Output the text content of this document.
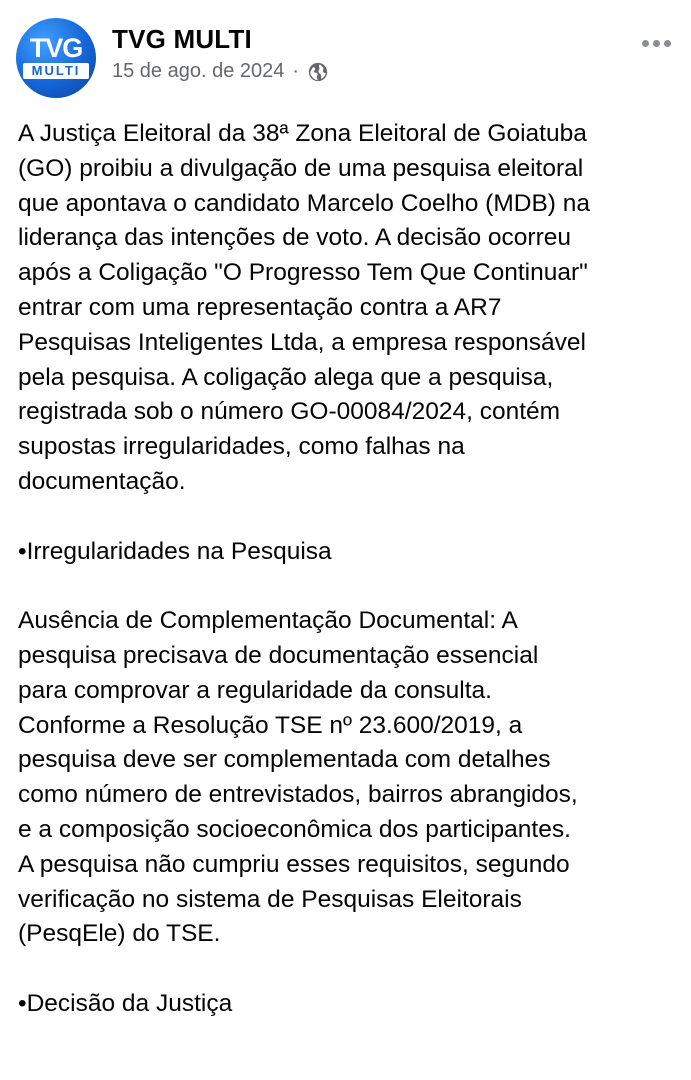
TVG
MULTI
TVG MULTI
15 de ago. de 2024 ·

A Justiça Eleitoral da 38ª Zona Eleitoral de Goiatuba
(GO) proibiu a divulgação de uma pesquisa eleitoral
que apontava o candidato Marcelo Coelho (MDB) na
liderança das intenções de voto. A decisão ocorreu
após a Coligação "O Progresso Tem Que Continuar"
entrar com uma representação contra a AR7
Pesquisas Inteligentes Ltda, a empresa responsável
pela pesquisa. A coligação alega que a pesquisa,
registrada sob o número GO-00084/2024, contém
supostas irregularidades, como falhas na
documentação.

•Irregularidades na Pesquisa

Ausência de Complementação Documental: A
pesquisa precisava de documentação essencial
para comprovar a regularidade da consulta.
Conforme a Resolução TSE nº 23.600/2019, a
pesquisa deve ser complementada com detalhes
como número de entrevistados, bairros abrangidos,
e a composição socioeconômica dos participantes.
A pesquisa não cumpriu esses requisitos, segundo
verificação no sistema de Pesquisas Eleitorais
(PesqEle) do TSE.

•Decisão da Justiça
